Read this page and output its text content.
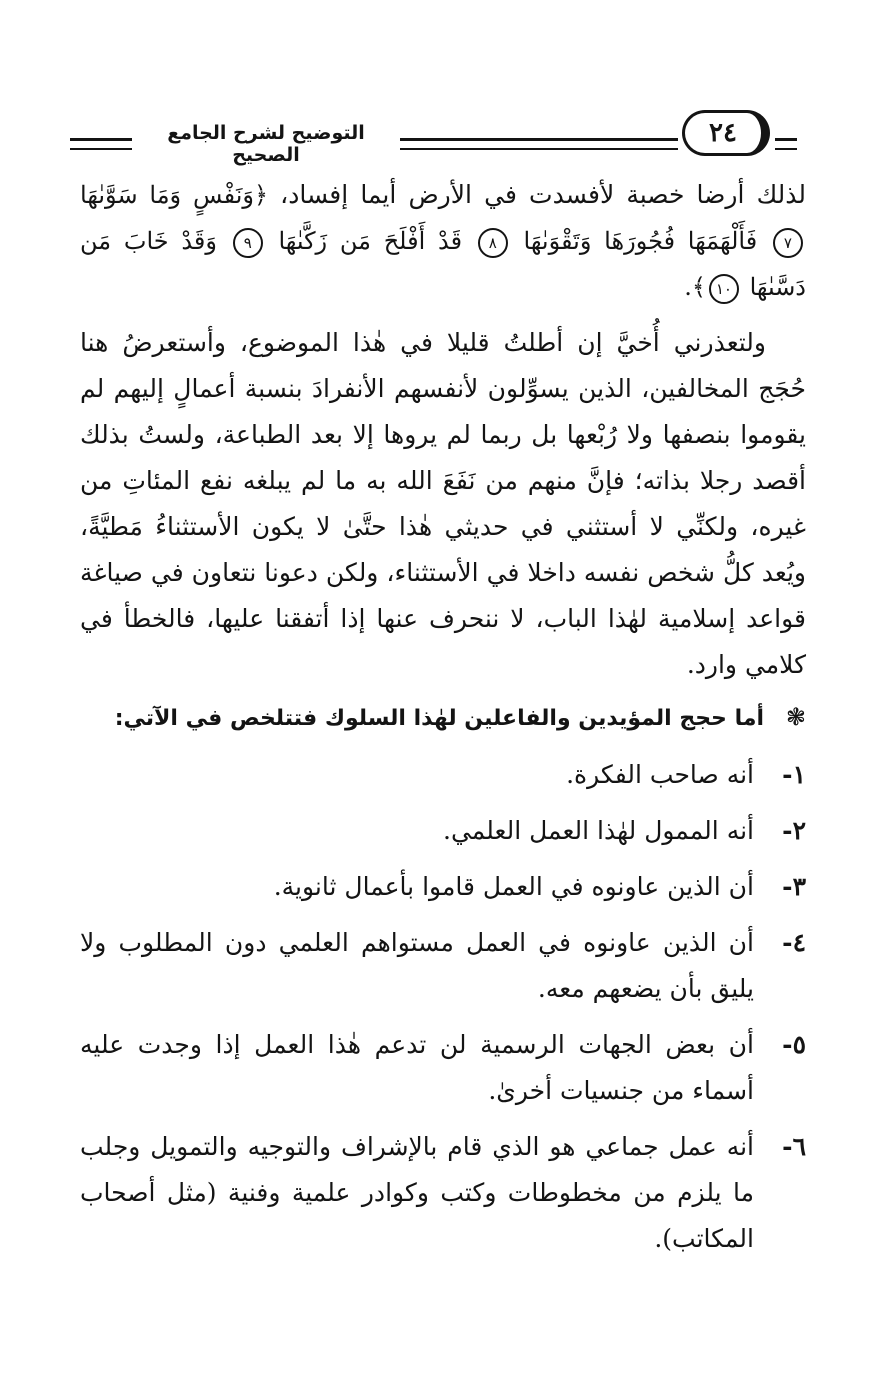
التوضيح لشرح الجامع الصحيح
٢٤

لذلك أرضا خصبة لأفسدت في الأرض أيما إفساد، ﴿وَنَفْسٍ وَمَا سَوَّىٰهَا ٧ فَأَلْهَمَهَا فُجُورَهَا وَتَقْوَىٰهَا ٨ قَدْ أَفْلَحَ مَن زَكَّىٰهَا ٩ وَقَدْ خَابَ مَن دَسَّىٰهَا ١٠﴾.

ولتعذرني أُخيَّ إن أطلتُ قليلا في هٰذا الموضوع، وأستعرضُ هنا حُجَج المخالفين، الذين يسوِّلون لأنفسهم الأنفرادَ بنسبة أعمالٍ إليهم لم يقوموا بنصفها ولا رُبْعها بل ربما لم يروها إلا بعد الطباعة، ولستُ بذلك أقصد رجلا بذاته؛ فإنَّ منهم من نَفَعَ الله به ما لم يبلغه نفع المئاتِ من غيره، ولكنِّي لا أستثني في حديثي هٰذا حتَّىٰ لا يكون الأستثناءُ مَطيَّةً، ويُعد كلُّ شخص نفسه داخلا في الأستثناء، ولكن دعونا نتعاون في صياغة قواعد إسلامية لهٰذا الباب، لا ننحرف عنها إذا أتفقنا عليها، فالخطأ في كلامي وارد.

❃
أما حجج المؤيدين والفاعلين لهٰذا السلوك فتتلخص في الآتي:

١-
أنه صاحب الفكرة.
٢-
أنه الممول لهٰذا العمل العلمي.
٣-
أن الذين عاونوه في العمل قاموا بأعمال ثانوية.
٤-
أن الذين عاونوه في العمل مستواهم العلمي دون المطلوب ولا يليق بأن يضعهم معه.
٥-
أن بعض الجهات الرسمية لن تدعم هٰذا العمل إذا وجدت عليه أسماء من جنسيات أخرىٰ.
٦-
أنه عمل جماعي هو الذي قام بالإشراف والتوجيه والتمويل وجلب ما يلزم من مخطوطات وكتب وكوادر علمية وفنية (مثل أصحاب المكاتب).
